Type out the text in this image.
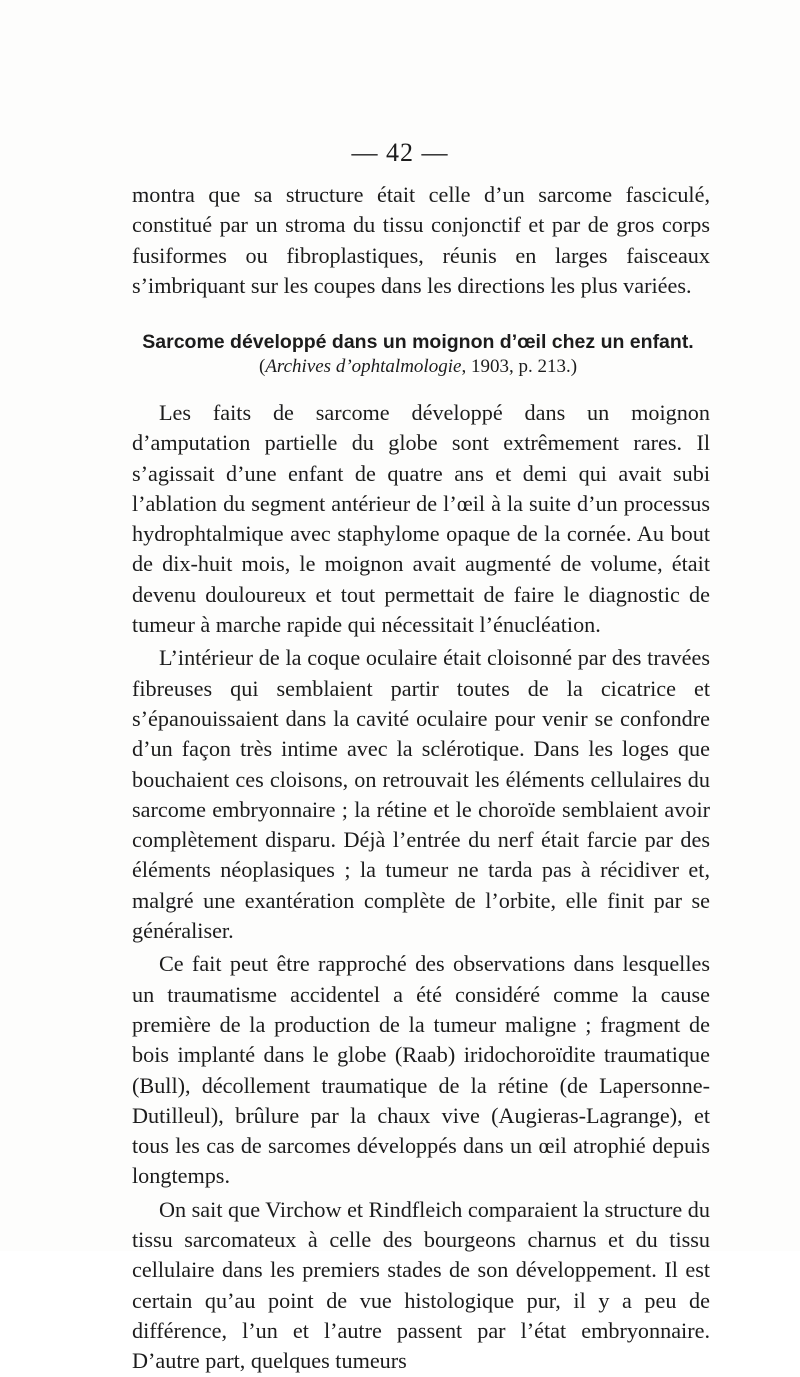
— 42 —

montra que sa structure était celle d’un sarcome fasciculé, constitué par un stroma du tissu conjonctif et par de gros corps fusiformes ou fibroplastiques, réunis en larges faisceaux s’imbriquant sur les coupes dans les directions les plus variées.

Sarcome développé dans un moignon d’œil chez un enfant.
(Archives d’ophtalmologie, 1903, p. 213.)

Les faits de sarcome développé dans un moignon d’amputation partielle du globe sont extrêmement rares. Il s’agissait d’une enfant de quatre ans et demi qui avait subi l’ablation du segment antérieur de l’œil à la suite d’un processus hydrophtalmique avec staphylome opaque de la cornée. Au bout de dix-huit mois, le moignon avait augmenté de volume, était devenu douloureux et tout permettait de faire le diagnostic de tumeur à marche rapide qui nécessitait l’énucléation.

L’intérieur de la coque oculaire était cloisonné par des travées fibreuses qui semblaient partir toutes de la cicatrice et s’épanouissaient dans la cavité oculaire pour venir se confondre d’un façon très intime avec la sclérotique. Dans les loges que bouchaient ces cloisons, on retrouvait les éléments cellulaires du sarcome embryonnaire ; la rétine et le choroïde semblaient avoir complètement disparu. Déjà l’entrée du nerf était farcie par des éléments néoplasiques ; la tumeur ne tarda pas à récidiver et, malgré une exantération complète de l’orbite, elle finit par se généraliser.

Ce fait peut être rapproché des observations dans lesquelles un traumatisme accidentel a été considéré comme la cause première de la production de la tumeur maligne ; fragment de bois implanté dans le globe (Raab) iridochoroïdite traumatique (Bull), décollement traumatique de la rétine (de Lapersonne-Dutilleul), brûlure par la chaux vive (Augieras-Lagrange), et tous les cas de sarcomes développés dans un œil atrophié depuis longtemps.

On sait que Virchow et Rindfleich comparaient la structure du tissu sarcomateux à celle des bourgeons charnus et du tissu cellulaire dans les premiers stades de son développement. Il est certain qu’au point de vue histologique pur, il y a peu de différence, l’un et l’autre passent par l’état embryonnaire. D’autre part, quelques tumeurs
